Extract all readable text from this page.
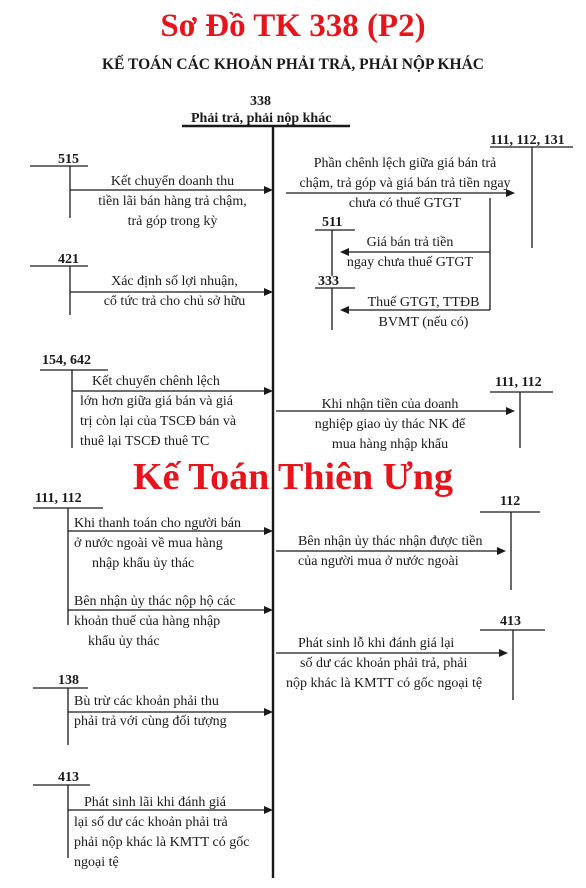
Sơ Đồ TK 338 (P2)
KẾ TOÁN CÁC KHOẢN PHẢI TRẢ, PHẢI NỘP KHÁC
338
Phải trả, phải nộp khác
515
111, 112, 131
511
421
333
154, 642
111, 112
111, 112	112
413
138
413
Kết chuyển doanh thu
tiền lãi bán hàng trả chậm,
trả góp trong kỳ
Phần chênh lệch giữa giá bán trả
chậm, trả góp và giá bán trả tiền ngay
chưa có thuế GTGT
Giá bán trả tiền
ngay chưa thuế GTGT
Xác định số lợi nhuận,
cổ tức trả cho chủ sở hữu	Thuế GTGT, TTĐB
BVMT (nếu có)
Kết chuyển chênh lệch
lớn hơn giữa giá bán và giá
trị còn lại của TSCĐ bán và
thuê lại TSCĐ thuê TC
Khi nhận tiền của doanh
nghiệp giao ủy thác NK để
mua hàng nhập khẩu
Kế Toán Thiên Ưng
Khi thanh toán cho người bán
ở nước ngoài về mua hàng
nhập khẩu ủy thác
Bên nhận ủy thác nhận được tiền
của người mua ở nước ngoài
Bên nhận ủy thác nộp hộ các
khoản thuế của hàng nhập
khẩu ủy thác	Phát sinh lỗ khi đánh giá lại
số dư các khoản phải trả, phải
nộp khác là KMTT có gốc ngoại tệ
Bù trừ các khoản phải thu
phải trả với cùng đối tượng
Phát sinh lãi khi đánh giá
lại số dư các khoản phải trả
phải nộp khác là KMTT có gốc
ngoại tệ
